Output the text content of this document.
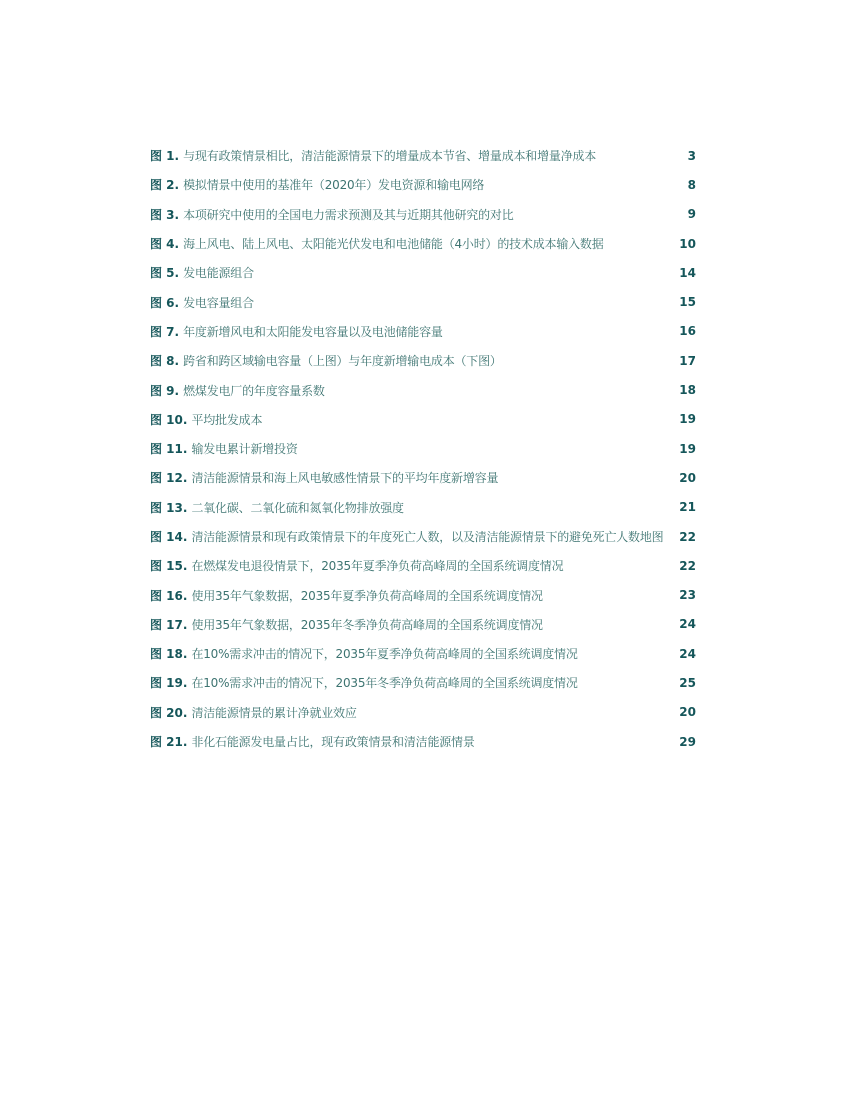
图 1. 与现有政策情景相比，清洁能源情景下的增量成本节省、增量成本和增量净成本	3
图 2. 模拟情景中使用的基准年（2020年）发电资源和输电网络	8
图 3. 本项研究中使用的全国电力需求预测及其与近期其他研究的对比	9
图 4. 海上风电、陆上风电、太阳能光伏发电和电池储能（4小时）的技术成本输入数据	10
图 5. 发电能源组合	14
图 6. 发电容量组合	15
图 7. 年度新增风电和太阳能发电容量以及电池储能容量	16
图 8. 跨省和跨区域输电容量（上图）与年度新增输电成本（下图）	17
图 9. 燃煤发电厂的年度容量系数	18
图 10. 平均批发成本	19
图 11. 输发电累计新增投资	19
图 12. 清洁能源情景和海上风电敏感性情景下的平均年度新增容量	20
图 13. 二氧化碳、二氧化硫和氮氧化物排放强度	21
图 14. 清洁能源情景和现有政策情景下的年度死亡人数，以及清洁能源情景下的避免死亡人数地图	22
图 15. 在燃煤发电退役情景下，2035年夏季净负荷高峰周的全国系统调度情况	22
图 16. 使用35年气象数据，2035年夏季净负荷高峰周的全国系统调度情况	23
图 17. 使用35年气象数据，2035年冬季净负荷高峰周的全国系统调度情况	24
图 18. 在10%需求冲击的情况下，2035年夏季净负荷高峰周的全国系统调度情况	24
图 19. 在10%需求冲击的情况下，2035年冬季净负荷高峰周的全国系统调度情况	25
图 20. 清洁能源情景的累计净就业效应	20
图 21. 非化石能源发电量占比，现有政策情景和清洁能源情景	29
